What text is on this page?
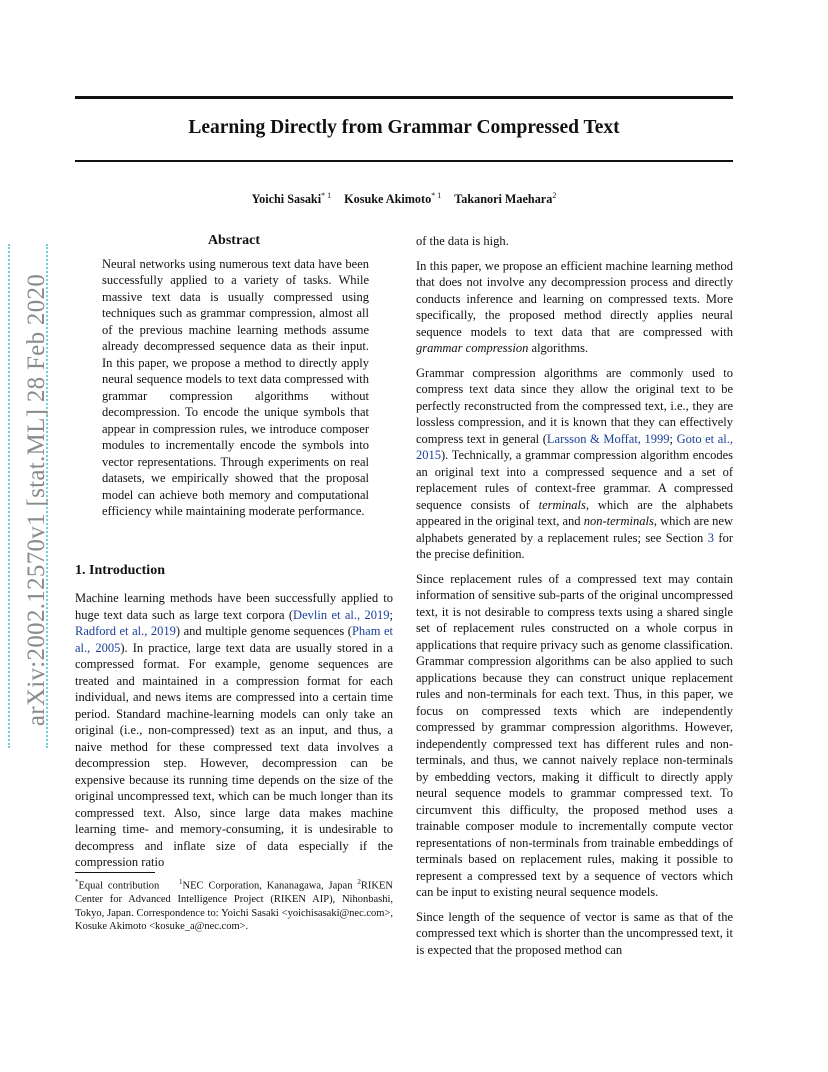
Learning Directly from Grammar Compressed Text
Yoichi Sasaki$^{* 1}$ Kosuke Akimoto$^{* 1}$ Takanori Maehara$^2$
arXiv:2002.12570v1 [stat.ML] 28 Feb 2020
Abstract

Neural networks using numerous text data have been successfully applied to a variety of tasks. While massive text data is usually compressed using techniques such as grammar compression, almost all of the previous machine learning methods assume already decompressed sequence data as their input. In this paper, we propose a method to directly apply neural sequence models to text data compressed with grammar compression algorithms without decompression. To encode the unique symbols that appear in compression rules, we introduce composer modules to incrementally encode the symbols into vector representations. Through experiments on real datasets, we empirically showed that the proposal model can achieve both memory and computational efficiency while maintaining moderate performance.

1. Introduction

Machine learning methods have been successfully applied to huge text data such as large text corpora (Devlin et al., 2019; Radford et al., 2019) and multiple genome sequences (Pham et al., 2005). In practice, large text data are usually stored in a compressed format. For example, genome sequences are treated and maintained in a compression format for each individual, and news items are compressed into a certain time period. Standard machine-learning models can only take an original (i.e., non-compressed) text as an input, and thus, a naive method for these compressed text data involves a decompression step. However, decompression can be expensive because its running time depends on the size of the original uncompressed text, which can be much longer than its compressed text. Also, since large data makes machine learning time- and memory-consuming, it is undesirable to decompress and inflate size of data especially if the compression ratio

*Equal contribution	$^1$NEC Corporation, Kananagawa, Japan $^2$RIKEN Center for Advanced Intelligence Project (RIKEN AIP), Nihonbashi, Tokyo, Japan. Correspondence to: Yoichi Sasaki <yoichisasaki@nec.com>, Kosuke Akimoto <kosuke_a@nec.com>.

of the data is high.

In this paper, we propose an efficient machine learning method that does not involve any decompression process and directly conducts inference and learning on compressed texts. More specifically, the proposed method directly applies neural sequence models to text data that are compressed with grammar compression algorithms.

Grammar compression algorithms are commonly used to compress text data since they allow the original text to be perfectly reconstructed from the compressed text, i.e., they are lossless compression, and it is known that they can effectively compress text in general (Larsson & Moffat, 1999; Goto et al., 2015). Technically, a grammar compression algorithm encodes an original text into a compressed sequence and a set of replacement rules of context-free grammar. A compressed sequence consists of terminals, which are the alphabets appeared in the original text, and non-terminals, which are new alphabets generated by a replacement rules; see Section 3 for the precise definition.

Since replacement rules of a compressed text may contain information of sensitive sub-parts of the original uncompressed text, it is not desirable to compress texts using a shared single set of replacement rules constructed on a whole corpus in applications that require privacy such as genome classification. Grammar compression algorithms can be also applied to such applications because they can construct unique replacement rules and non-terminals for each text. Thus, in this paper, we focus on compressed texts which are independently compressed by grammar compression algorithms. However, independently compressed text has different rules and non-terminals, and thus, we cannot naively replace non-terminals by embedding vectors, making it difficult to directly apply neural sequence models to grammar compressed text. To circumvent this difficulty, the proposed method uses a trainable composer module to incrementally compute vector representations of non-terminals from trainable embeddings of terminals based on replacement rules, making it possible to represent a compressed text by a sequence of vectors which can be input to existing neural sequence models.

Since length of the sequence of vector is same as that of the compressed text which is shorter than the uncompressed text, it is expected that the proposed method can
